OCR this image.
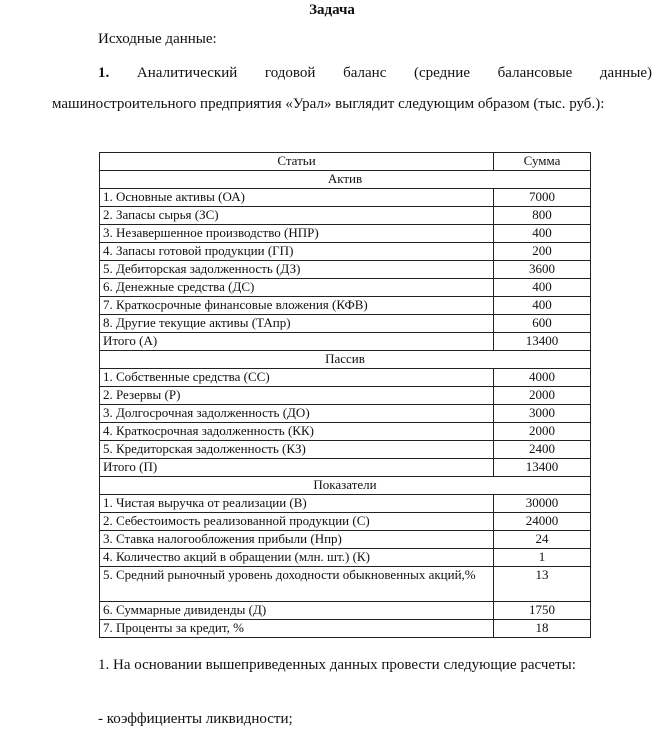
Задача
Исходные данные:
1. Аналитический годовой баланс (средние балансовые данные) машиностроительного предприятия «Урал» выглядит следующим образом (тыс. руб.):
Статьи	Сумма
Актив	
1. Основные активы (ОА)	7000
2. Запасы сырья (ЗС)	800
3. Незавершенное производство (НПР)	400
4. Запасы готовой продукции (ГП)	200
5. Дебиторская задолженность (ДЗ)	3600
6. Денежные средства (ДС)	400
7. Краткосрочные финансовые вложения (КФВ)	400
8. Другие текущие активы (ТАпр)	600
Итого (А)	13400
Пассив	
1. Собственные средства (СС)	4000
2. Резервы (Р)	2000
3. Долгосрочная задолженность (ДО)	3000
4. Краткосрочная задолженность (КК)	2000
5. Кредиторская задолженность (КЗ)	2400
Итого (П)	13400
Показатели	
1. Чистая выручка от реализации (В)	30000
2. Себестоимость реализованной продукции (С)	24000
3. Ставка налогообложения прибыли (Нпр)	24
4. Количество акций в обращении (млн. шт.) (К)	1
5. Средний рыночный уровень доходности обыкновенных акций,%	13
6. Суммарные дивиденды (Д)	1750
7. Проценты за кредит, %	18
1. На основании вышеприведенных данных провести следующие расчеты:
- коэффициенты ликвидности;
